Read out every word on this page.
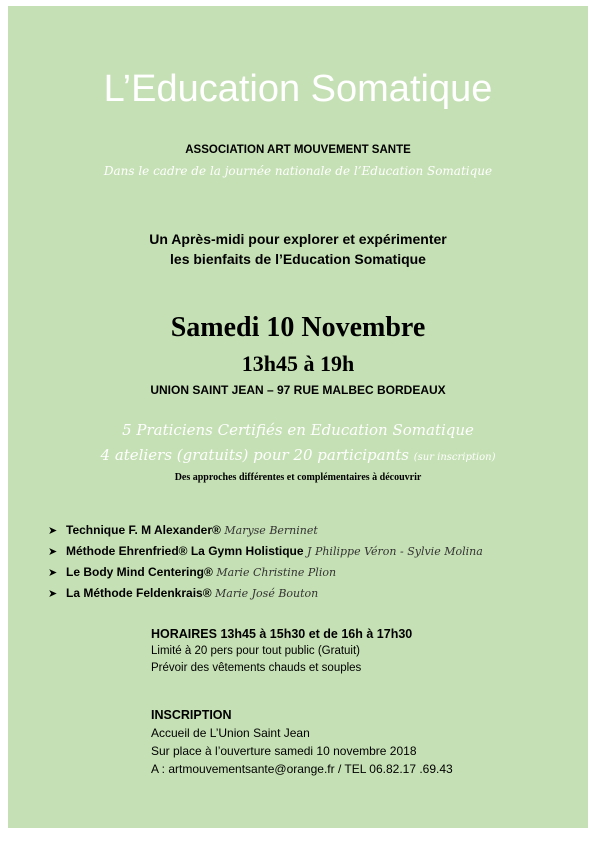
L’Education Somatique
ASSOCIATION ART MOUVEMENT SANTE
Dans le cadre de la journée nationale de l’Education Somatique
Un Après-midi pour explorer et expérimenter
les bienfaits de l’Education Somatique
Samedi 10 Novembre
13h45 à 19h
UNION SAINT JEAN – 97 RUE MALBEC BORDEAUX
5 Praticiens Certifiés en Education Somatique
4 ateliers (gratuits) pour 20 participants (sur inscription)
Des approches différentes et complémentaires à découvrir
➤ Technique F. M Alexander® Maryse Berninet
➤ Méthode Ehrenfried® La Gymn Holistique J Philippe Véron - Sylvie Molina
➤ Le Body Mind Centering® Marie Christine Plion
➤ La Méthode Feldenkrais® Marie José Bouton
HORAIRES 13h45 à 15h30 et de 16h à 17h30
Limité à 20 pers pour tout public (Gratuit)
Prévoir des vêtements chauds et souples
INSCRIPTION
Accueil de L’Union Saint Jean
Sur place à l’ouverture samedi 10 novembre 2018
A : artmouvementsante@orange.fr / TEL 06.82.17 .69.43
